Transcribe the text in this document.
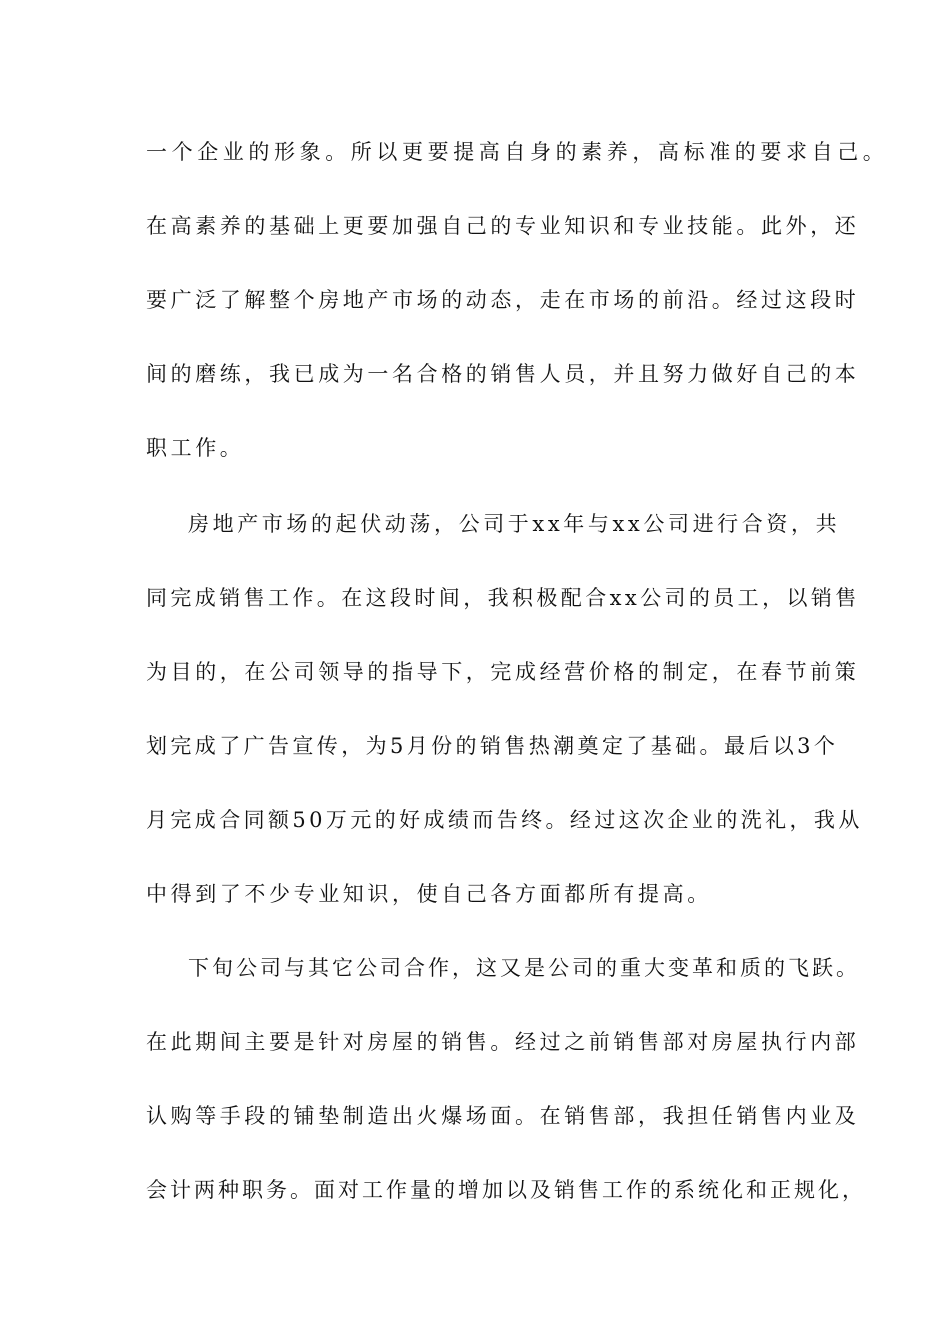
一个企业的形象。所以更要提高自身的素养，高标准的要求自己。
在高素养的基础上更要加强自己的专业知识和专业技能。此外，还
要广泛了解整个房地产市场的动态，走在市场的前沿。经过这段时
间的磨练，我已成为一名合格的销售人员，并且努力做好自己的本
职工作。
房地产市场的起伏动荡，公司于xx年与xx公司进行合资，共
同完成销售工作。在这段时间，我积极配合xx公司的员工，以销售
为目的，在公司领导的指导下，完成经营价格的制定，在春节前策
划完成了广告宣传，为5月份的销售热潮奠定了基础。最后以3个
月完成合同额50万元的好成绩而告终。经过这次企业的洗礼，我从
中得到了不少专业知识，使自己各方面都所有提高。
下旬公司与其它公司合作，这又是公司的重大变革和质的飞跃。
在此期间主要是针对房屋的销售。经过之前销售部对房屋执行内部
认购等手段的铺垫制造出火爆场面。在销售部，我担任销售内业及
会计两种职务。面对工作量的增加以及销售工作的系统化和正规化，
